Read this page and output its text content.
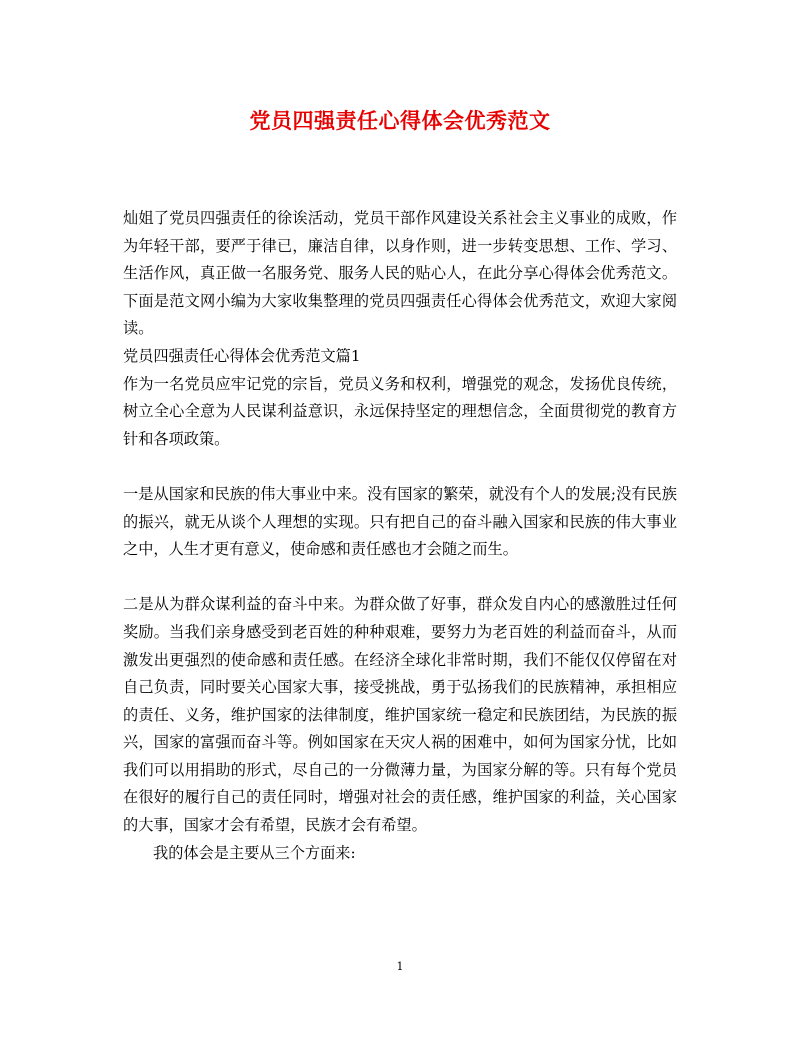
党员四强责任心得体会优秀范文

灿姐了党员四强责任的徐诶活动，党员干部作风建设关系社会主义事业的成败，作为年轻干部，要严于律已，廉洁自律，以身作则，进一步转变思想、工作、学习、生活作风，真正做一名服务党、服务人民的贴心人，在此分享心得体会优秀范文。下面是范文网小编为大家收集整理的党员四强责任心得体会优秀范文，欢迎大家阅读。

党员四强责任心得体会优秀范文篇1

作为一名党员应牢记党的宗旨，党员义务和权利，增强党的观念，发扬优良传统，树立全心全意为人民谋利益意识，永远保持坚定的理想信念，全面贯彻党的教育方针和各项政策。

一是从国家和民族的伟大事业中来。没有国家的繁荣，就没有个人的发展;没有民族的振兴，就无从谈个人理想的实现。只有把自己的奋斗融入国家和民族的伟大事业之中，人生才更有意义，使命感和责任感也才会随之而生。

二是从为群众谋利益的奋斗中来。为群众做了好事，群众发自内心的感激胜过任何奖励。当我们亲身感受到老百姓的种种艰难，要努力为老百姓的利益而奋斗，从而激发出更强烈的使命感和责任感。在经济全球化非常时期，我们不能仅仅停留在对自己负责，同时要关心国家大事，接受挑战，勇于弘扬我们的民族精神，承担相应的责任、义务，维护国家的法律制度，维护国家统一稳定和民族团结，为民族的振兴，国家的富强而奋斗等。例如国家在天灾人祸的困难中，如何为国家分忧，比如我们可以用捐助的形式，尽自己的一分微薄力量，为国家分解的等。只有每个党员在很好的履行自己的责任同时，增强对社会的责任感，维护国家的利益，关心国家的大事，国家才会有希望，民族才会有希望。

我的体会是主要从三个方面来:

1
